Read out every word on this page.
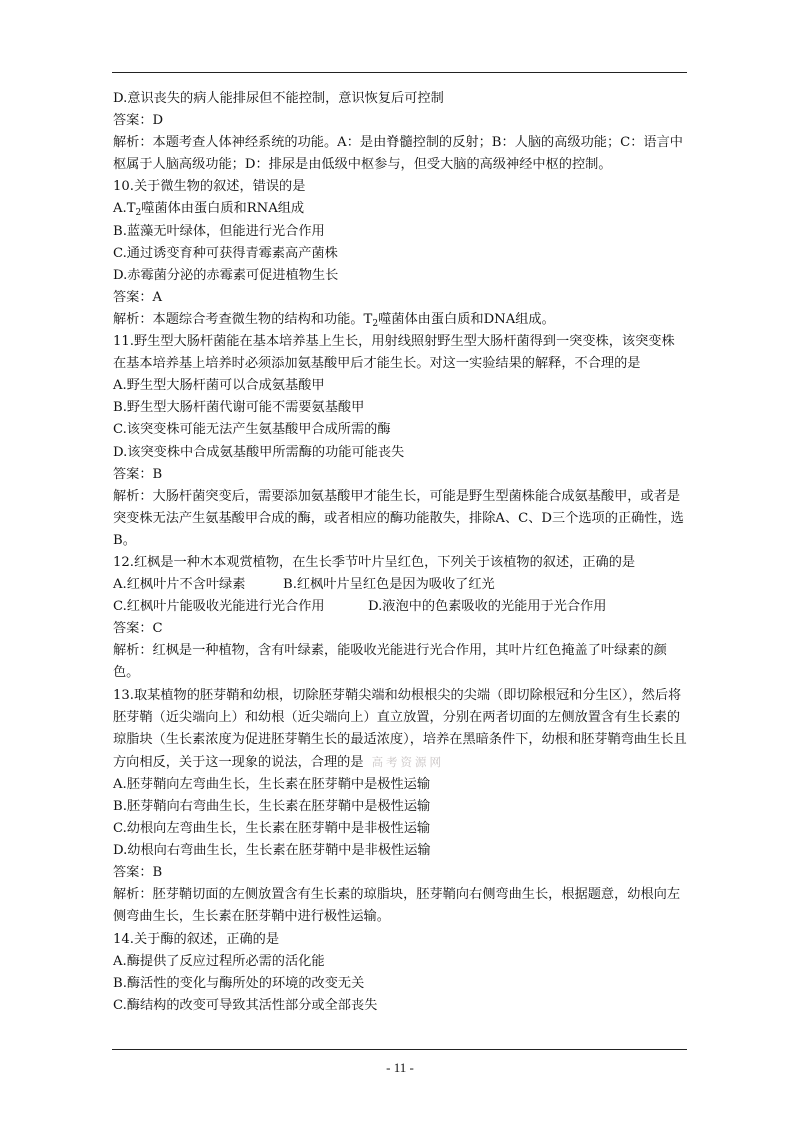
D.意识丧失的病人能排尿但不能控制，意识恢复后可控制
答案：D
解析：本题考查人体神经系统的功能。A：是由脊髓控制的反射；B：人脑的高级功能；C：语言中枢属于人脑高级功能；D：排尿是由低级中枢参与，但受大脑的高级神经中枢的控制。
10.关于微生物的叙述，错误的是
$A.T_2$噬菌体由蛋白质和RNA组成
B.蓝藻无叶绿体，但能进行光合作用
C.通过诱变育种可获得青霉素高产菌株
D.赤霉菌分泌的赤霉素可促进植物生长
答案：A
解析：本题综合考查微生物的结构和功能。$T_2$噬菌体由蛋白质和DNA组成。
11.野生型大肠杆菌能在基本培养基上生长，用射线照射野生型大肠杆菌得到一突变株，该突变株在基本培养基上培养时必须添加氨基酸甲后才能生长。对这一实验结果的解释，不合理的是
A.野生型大肠杆菌可以合成氨基酸甲
B.野生型大肠杆菌代谢可能不需要氨基酸甲
C.该突变株可能无法产生氨基酸甲合成所需的酶
D.该突变株中合成氨基酸甲所需酶的功能可能丧失
答案：B
解析：大肠杆菌突变后，需要添加氨基酸甲才能生长，可能是野生型菌株能合成氨基酸甲，或者是突变株无法产生氨基酸甲合成的酶，或者相应的酶功能散失，排除A、C、D三个选项的正确性，选B。
12.红枫是一种木本观赏植物，在生长季节叶片呈红色，下列关于该植物的叙述，正确的是
A.红枫叶片不含叶绿素	B.红枫叶片呈红色是因为吸收了红光
C.红枫叶片能吸收光能进行光合作用	D.液泡中的色素吸收的光能用于光合作用
答案：C
解析：红枫是一种植物，含有叶绿素，能吸收光能进行光合作用，其叶片红色掩盖了叶绿素的颜色。
13.取某植物的胚芽鞘和幼根，切除胚芽鞘尖端和幼根根尖的尖端（即切除根冠和分生区），然后将胚芽鞘（近尖端向上）和幼根（近尖端向上）直立放置，分别在两者切面的左侧放置含有生长素的琼脂块（生长素浓度为促进胚芽鞘生长的最适浓度），培养在黑暗条件下，幼根和胚芽鞘弯曲生长且方向相反，关于这一现象的说法，合理的是 高考资源网
A.胚芽鞘向左弯曲生长，生长素在胚芽鞘中是极性运输
B.胚芽鞘向右弯曲生长，生长素在胚芽鞘中是极性运输
C.幼根向左弯曲生长，生长素在胚芽鞘中是非极性运输
D.幼根向右弯曲生长，生长素在胚芽鞘中是非极性运输
答案：B
解析：胚芽鞘切面的左侧放置含有生长素的琼脂块，胚芽鞘向右侧弯曲生长，根据题意，幼根向左侧弯曲生长，生长素在胚芽鞘中进行极性运输。
14.关于酶的叙述，正确的是
A.酶提供了反应过程所必需的活化能
B.酶活性的变化与酶所处的环境的改变无关
C.酶结构的改变可导致其活性部分或全部丧失
- 11 -
